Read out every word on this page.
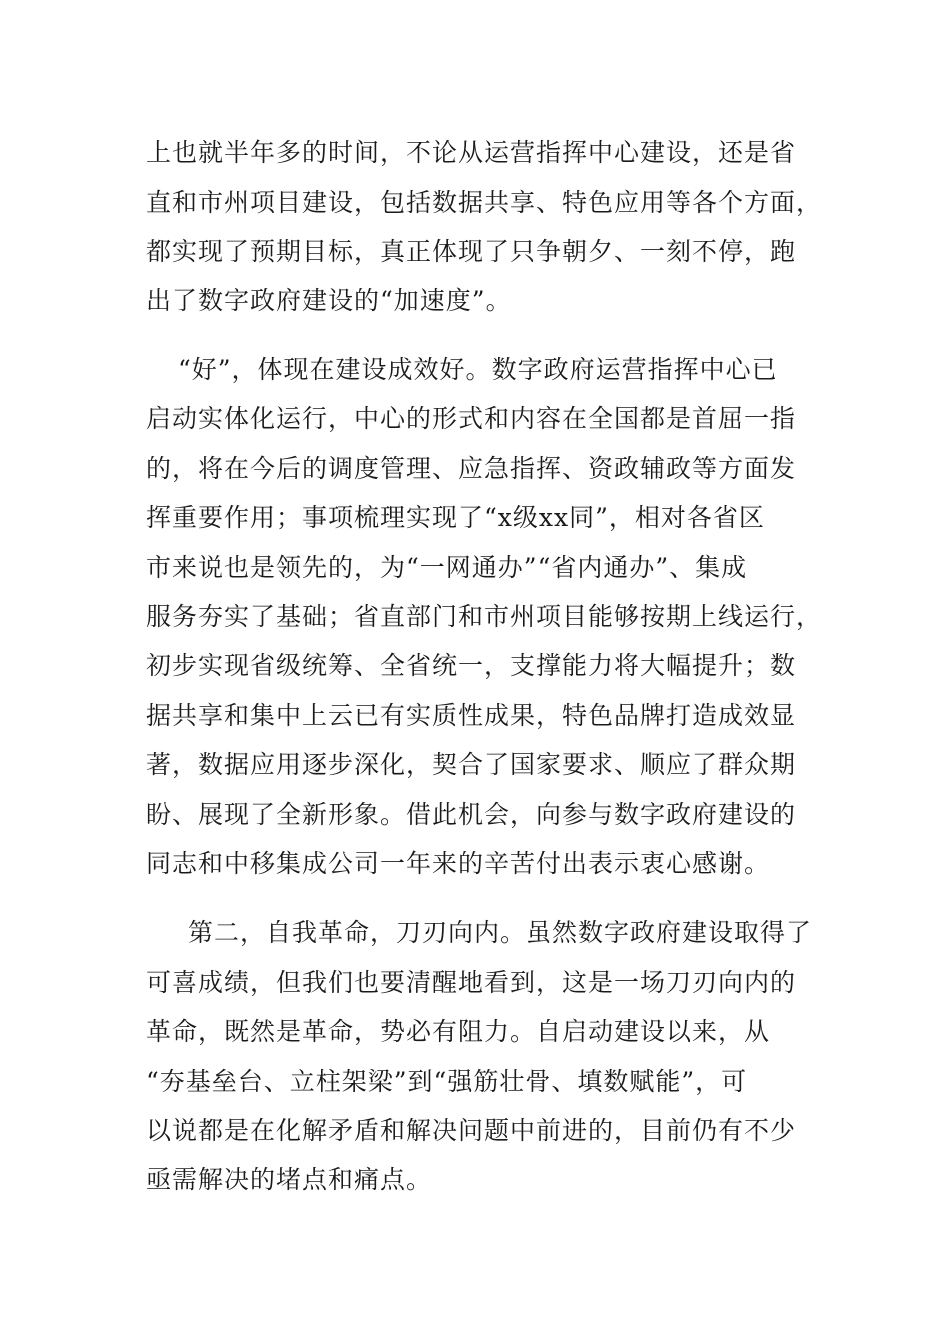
上也就半年多的时间，不论从运营指挥中心建设，还是省
直和市州项目建设，包括数据共享、特色应用等各个方面，
都实现了预期目标，真正体现了只争朝夕、一刻不停，跑
出了数字政府建设的“加速度”。
“好”，体现在建设成效好。数字政府运营指挥中心已
启动实体化运行，中心的形式和内容在全国都是首屈一指
的，将在今后的调度管理、应急指挥、资政辅政等方面发
挥重要作用；事项梳理实现了“x级xx同”，相对各省区
市来说也是领先的，为“一网通办”“省内通办”、集成
服务夯实了基础；省直部门和市州项目能够按期上线运行，
初步实现省级统筹、全省统一，支撑能力将大幅提升；数
据共享和集中上云已有实质性成果，特色品牌打造成效显
著，数据应用逐步深化，契合了国家要求、顺应了群众期
盼、展现了全新形象。借此机会，向参与数字政府建设的
同志和中移集成公司一年来的辛苦付出表示衷心感谢。
第二，自我革命，刀刃向内。虽然数字政府建设取得了
可喜成绩，但我们也要清醒地看到，这是一场刀刃向内的
革命，既然是革命，势必有阻力。自启动建设以来，从
“夯基垒台、立柱架梁”到“强筋壮骨、填数赋能”，可
以说都是在化解矛盾和解决问题中前进的，目前仍有不少
亟需解决的堵点和痛点。
